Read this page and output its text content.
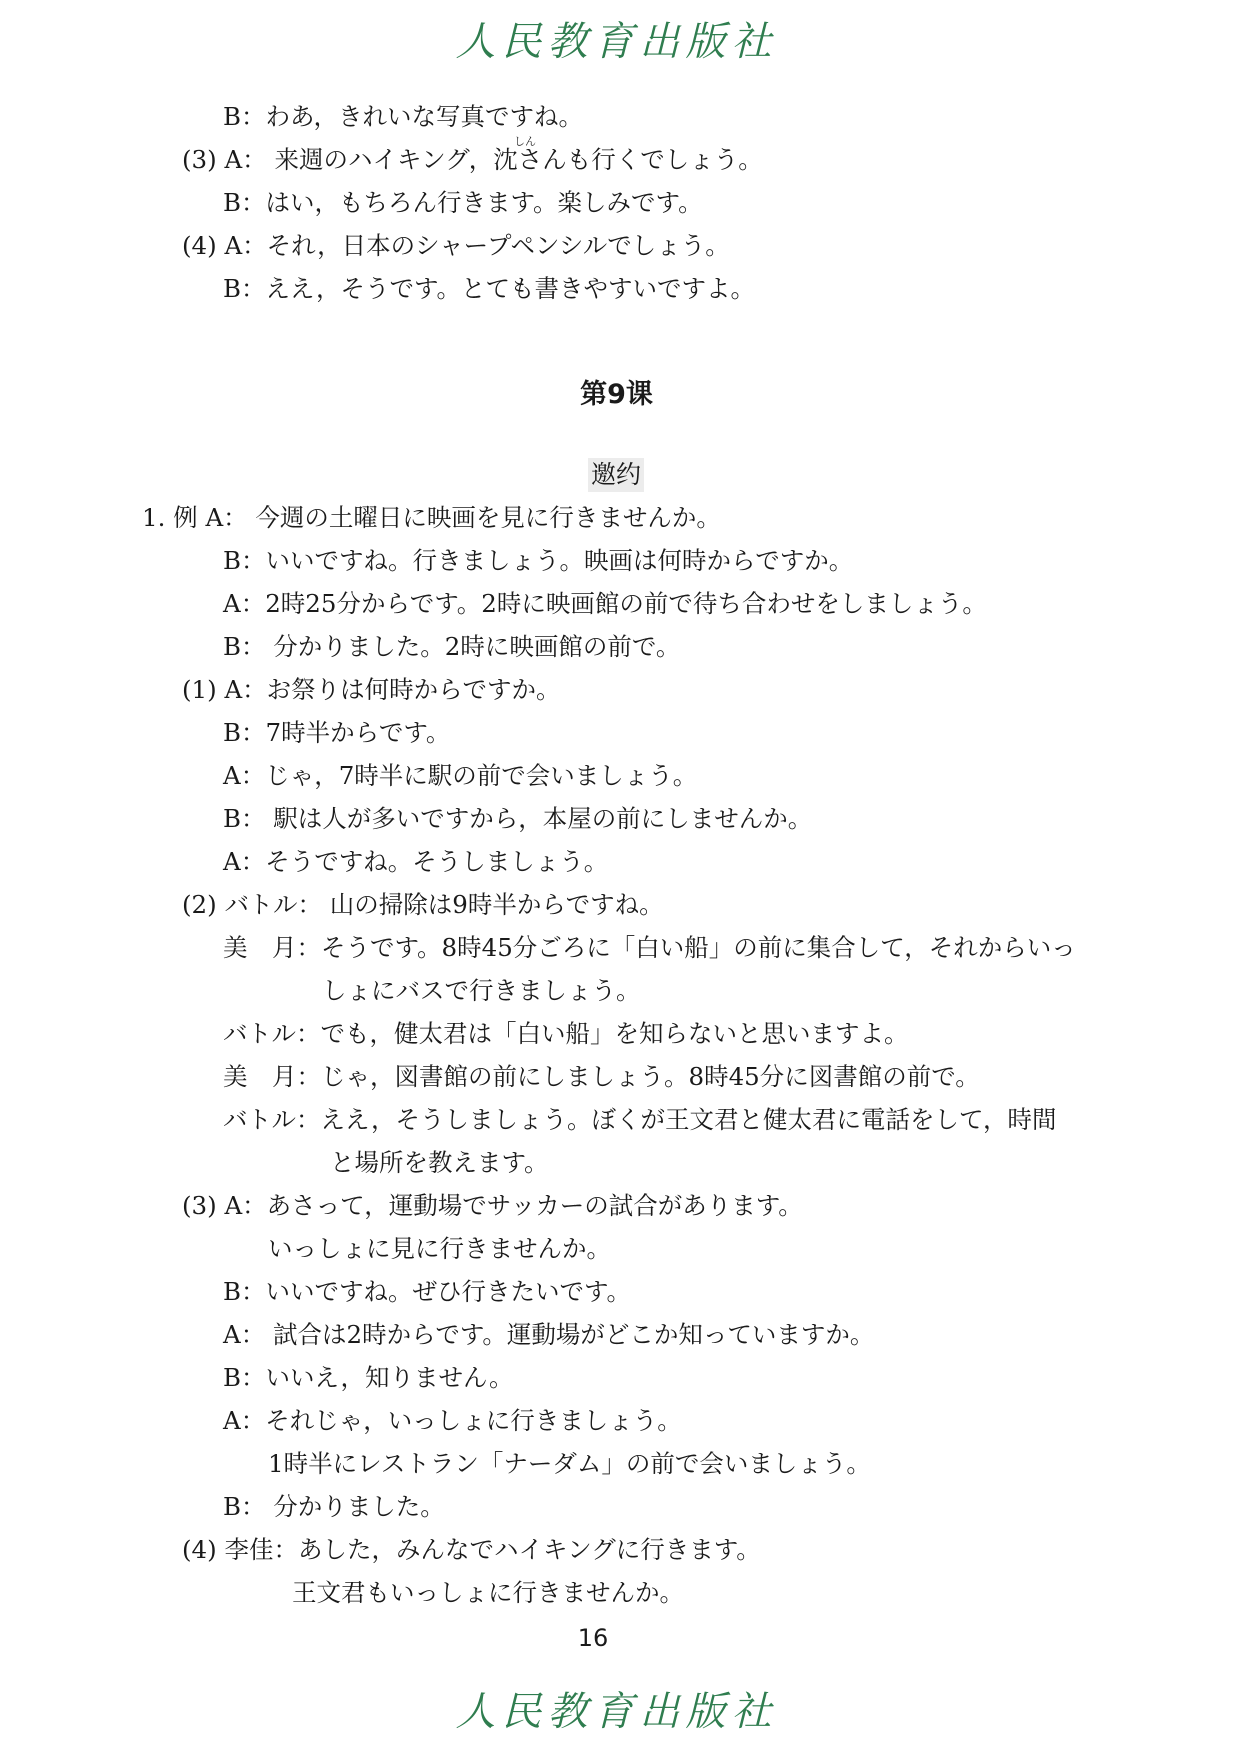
人民教育出版社
しん
B：わあ，きれいな写真ですね。
(3) A： 来週のハイキング，沈さんも行くでしょう。
B：はい，もちろん行きます。楽しみです。
(4) A：それ，日本のシャープペンシルでしょう。
B：ええ，そうです。とても書きやすいですよ。
第9课
邀约
1. 例 A： 今週の土曜日に映画を見に行きませんか。
B：いいですね。行きましょう。映画は何時からですか。
A：2時25分からです。2時に映画館の前で待ち合わせをしましょう。
B： 分かりました。2時に映画館の前で。
(1) A：お祭りは何時からですか。
B：7時半からです。
A：じゃ，7時半に駅の前で会いましょう。
B： 駅は人が多いですから，本屋の前にしませんか。
A：そうですね。そうしましょう。
(2) バトル： 山の掃除は9時半からですね。
美　月：そうです。8時45分ごろに「白い船」の前に集合して，それからいっ
しょにバスで行きましょう。
バトル：でも，健太君は「白い船」を知らないと思いますよ。
美　月：じゃ，図書館の前にしましょう。8時45分に図書館の前で。
バトル：ええ，そうしましょう。ぼくが王文君と健太君に電話をして，時間
と場所を教えます。
(3) A：あさって，運動場でサッカーの試合があります。
いっしょに見に行きませんか。
B：いいですね。ぜひ行きたいです。
A： 試合は2時からです。運動場がどこか知っていますか。
B：いいえ，知りません。
A：それじゃ，いっしょに行きましょう。
1時半にレストラン「ナーダム」の前で会いましょう。
B： 分かりました。
(4) 李佳：あした，みんなでハイキングに行きます。
王文君もいっしょに行きませんか。
16
人民教育出版社
